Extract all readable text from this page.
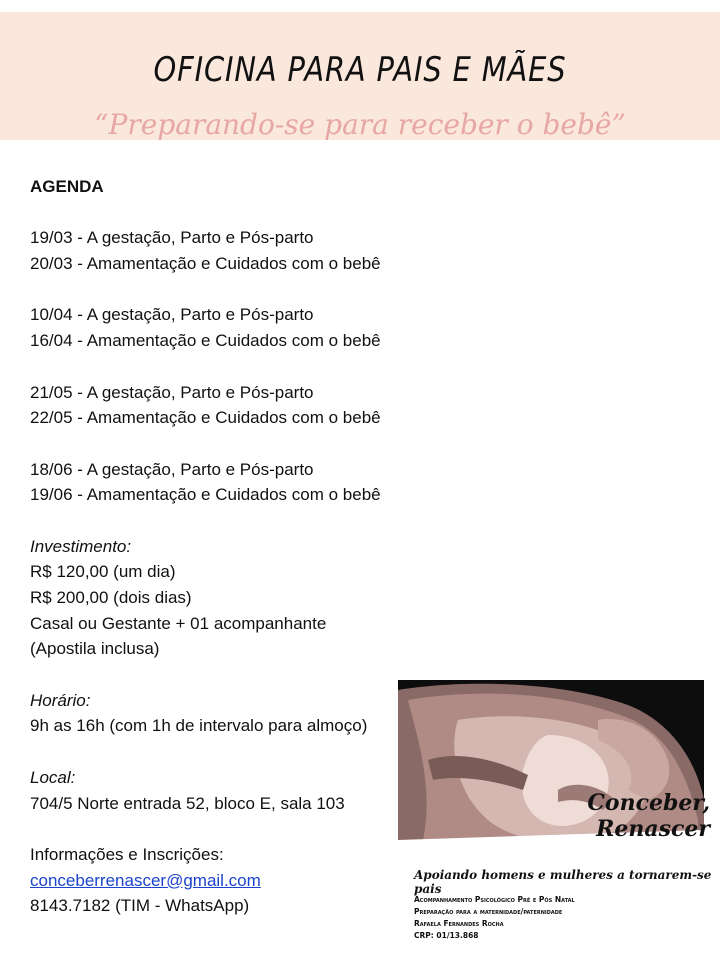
OFICINA PARA PAIS E MÃES
“Preparando-se para receber o bebê”
AGENDA
19/03 - A gestação, Parto e Pós-parto
20/03 - Amamentação e Cuidados com o bebê
10/04 - A gestação, Parto e Pós-parto
16/04 - Amamentação e Cuidados com o bebê
21/05 - A gestação, Parto e Pós-parto
22/05 - Amamentação e Cuidados com o bebê
18/06 - A gestação, Parto e Pós-parto
19/06 - Amamentação e Cuidados com o bebê
Investimento:
R$ 120,00 (um dia)
R$ 200,00 (dois dias)
Casal ou Gestante + 01 acompanhante
(Apostila inclusa)
Horário:
9h as 16h (com 1h de intervalo para almoço)
Local:
704/5 Norte entrada 52, bloco E, sala 103
Informações e Inscrições:
conceberrenascer@gmail.com
8143.7182 (TIM - WhatsApp)
Conceber,
Renascer
Apoiando homens e mulheres a tornarem-se pais
Acompanhamento Psicológico Pré e Pós Natal
Preparação para a maternidade/paternidade
Rafaela Fernandes Rocha
CRP: 01/13.868
